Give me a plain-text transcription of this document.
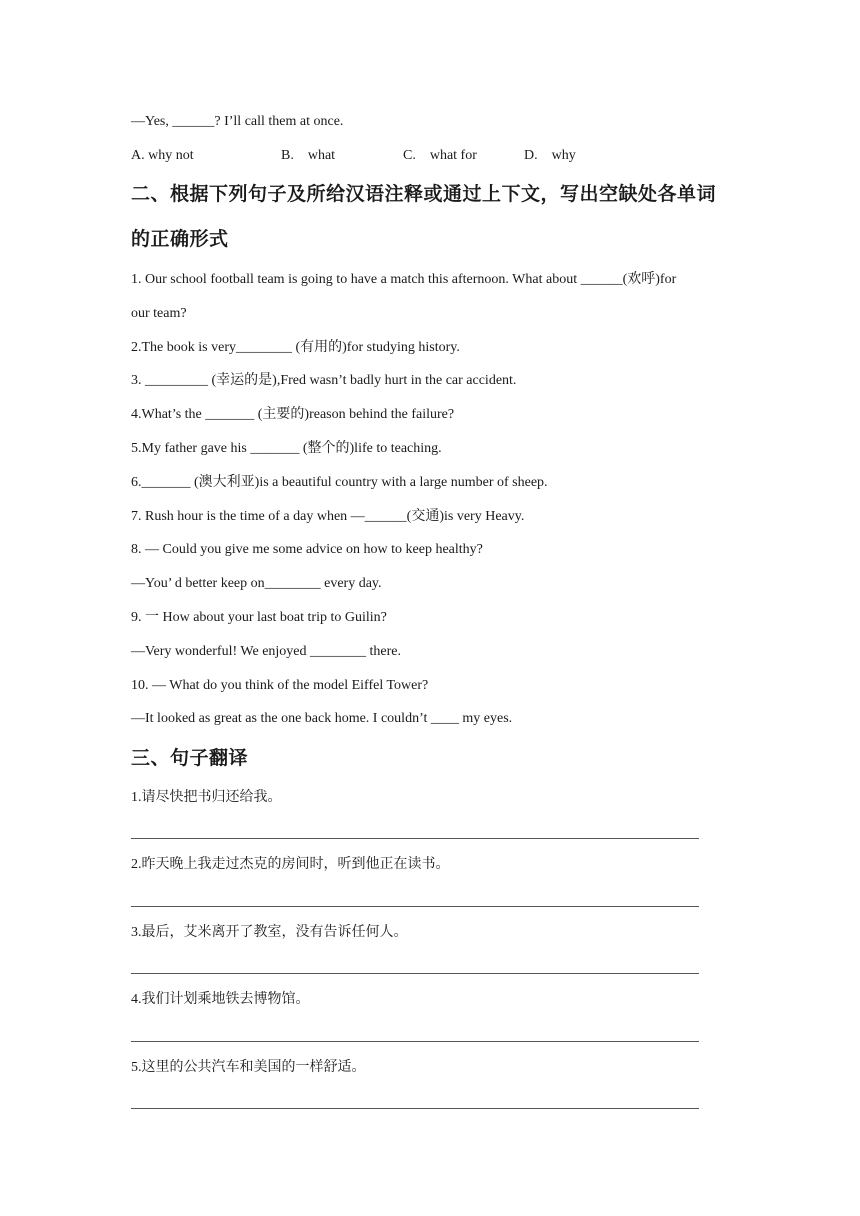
—Yes, ______? I’ll call them at once.
A. why not	B. what	C. what for	D. why
二、根据下列句子及所给汉语注释或通过上下文，写出空缺处各单词
的正确形式
1. Our school football team is going to have a match this afternoon. What about ______(欢呼)for
our team?
2.The book is very________ (有用的)for studying history.
3. _________ (幸运的是),Fred wasn’t badly hurt in the car accident.
4.What’s the _______ (主要的)reason behind the failure?
5.My father gave his _______ (整个的)life to teaching.
6._______ (澳大利亚)is a beautiful country with a large number of sheep.
7. Rush hour is the time of a day when —______(交通)is very Heavy.
8. — Could you give me some advice on how to keep healthy?
—You’ d better keep on________ every day.
9. 一 How about your last boat trip to Guilin?
—Very wonderful! We enjoyed ________ there.
10. — What do you think of the model Eiffel Tower?
—It looked as great as the one back home. I couldn’t ____ my eyes.
三、句子翻译
1.请尽快把书归还给我。
2.昨天晚上我走过杰克的房间时，听到他正在读书。
3.最后，艾米离开了教室，没有告诉任何人。
4.我们计划乘地铁去博物馆。
5.这里的公共汽车和美国的一样舒适。
